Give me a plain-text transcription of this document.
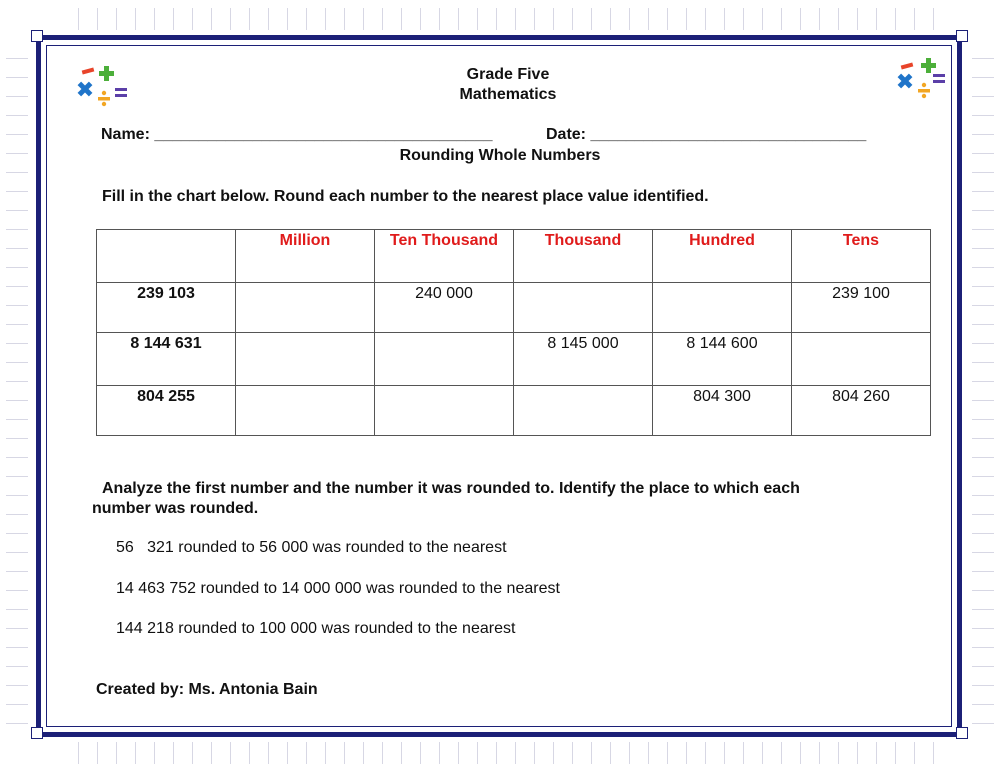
Grade Five
Mathematics
Name: ______________________________________	Date: _______________________________
Rounding Whole Numbers
Fill in the chart below. Round each number to the nearest place value identified.
	Million	Ten Thousand	Thousand	Hundred	Tens
239 103		240 000			239 100
8 144 631			8 145 000	8 144 600	
804 255				804 300	804 260
Analyze the first number and the number it was rounded to. Identify the place to which each
number was rounded.
56   321 rounded to 56 000 was rounded to the nearest
14 463 752 rounded to 14 000 000 was rounded to the nearest
144 218 rounded to 100 000 was rounded to the nearest
Created by: Ms. Antonia Bain
